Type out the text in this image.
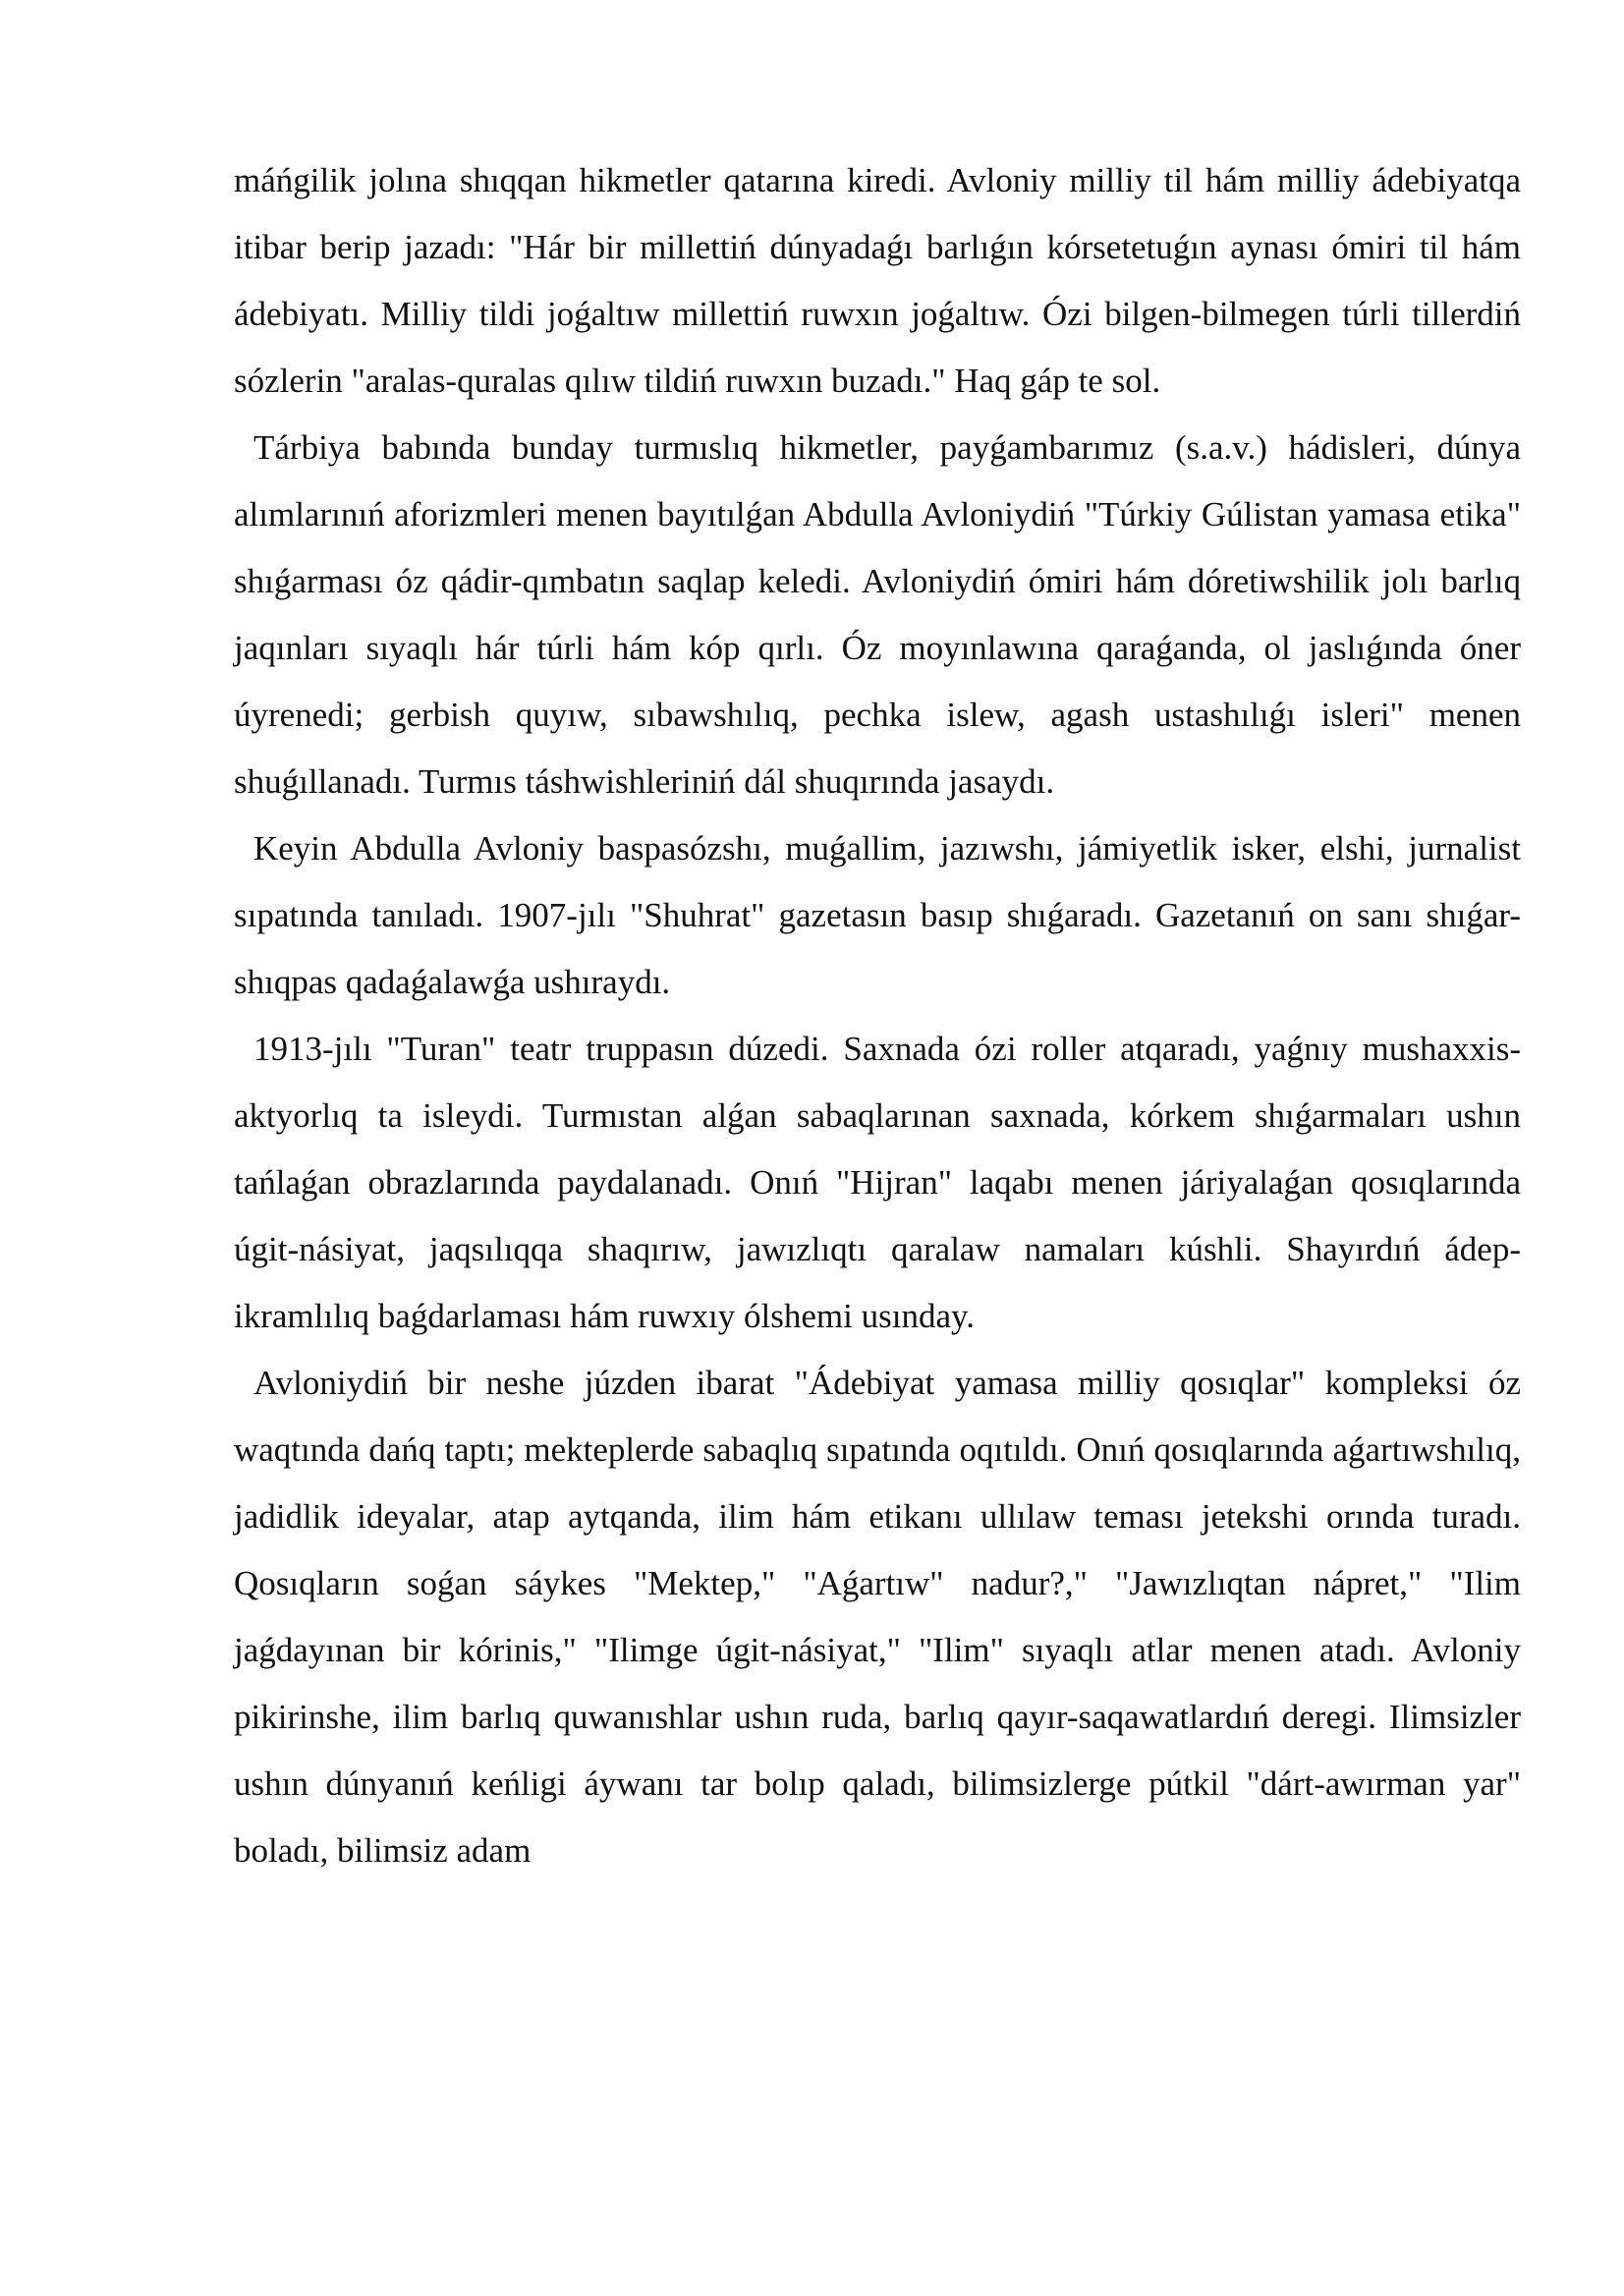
máńgilik jolına shıqqan hikmetler qatarına kiredi. Avloniy milliy til hám milliy ádebiyatqa itibar berip jazadı: "Hár bir millettiń dúnyadaǵı barlıǵın kórsetetuǵın aynası ómiri til hám ádebiyatı. Milliy tildi joǵaltıw millettiń ruwxın joǵaltıw. Ózi bilgen-bilmegen túrli tillerdiń sózlerin "aralas-quralas qılıw tildiń ruwxın buzadı." Haq gáp te sol.

Tárbiya babında bunday turmıslıq hikmetler, payǵambarımız (s.a.v.) hádisleri, dúnya alımlarınıń aforizmleri menen bayıtılǵan Abdulla Avloniydiń "Túrkiy Gúlistan yamasa etika" shıǵarması óz qádir-qımbatın saqlap keledi. Avloniydiń ómiri hám dóretiwshilik jolı barlıq jaqınları sıyaqlı hár túrli hám kóp qırlı. Óz moyınlawına qaraǵanda, ol jaslıǵında óner úyrenedi; gerbish quyıw, sıbawshılıq, pechka islew, agash ustashılıǵı isleri" menen shuǵıllanadı. Turmıs táshwishleriniń dál shuqırında jasaydı.

Keyin Abdulla Avloniy baspasózshı, muǵallim, jazıwshı, jámiyetlik isker, elshi, jurnalist sıpatında tanıladı. 1907-jılı "Shuhrat" gazetasın basıp shıǵaradı. Gazetanıń on sanı shıǵar-shıqpas qadaǵalawǵa ushıraydı.

1913-jılı "Turan" teatr truppasın dúzedi. Saxnada ózi roller atqaradı, yaǵnıy mushaxxis-aktyorlıq ta isleydi. Turmıstan alǵan sabaqlarınan saxnada, kórkem shıǵarmaları ushın tańlaǵan obrazlarında paydalanadı. Onıń "Hijran" laqabı menen járiyalaǵan qosıqlarında úgit-násiyat, jaqsılıqqa shaqırıw, jawızlıqtı qaralaw namaları kúshli. Shayırdıń ádep-ikramlılıq baǵdarlaması hám ruwxıy ólshemi usınday.

Avloniydiń bir neshe júzden ibarat "Ádebiyat yamasa milliy qosıqlar" kompleksi óz waqtında dańq taptı; mekteplerde sabaqlıq sıpatında oqıtıldı. Onıń qosıqlarında aǵartıwshılıq, jadidlik ideyalar, atap aytqanda, ilim hám etikanı ullılaw teması jetekshi orında turadı. Qosıqların soǵan sáykes "Mektep," "Aǵartıw" nadur?," "Jawızlıqtan nápret," "Ilim jaǵdayınan bir kórinis," "Ilimge úgit-násiyat," "Ilim" sıyaqlı atlar menen atadı. Avloniy pikirinshe, ilim barlıq quwanıshlar ushın ruda, barlıq qayır-saqawatlardıń deregi. Ilimsizler ushın dúnyanıń keńligi áywanı tar bolıp qaladı, bilimsizlerge pútkil "dárt-awırman yar" boladı, bilimsiz adam
